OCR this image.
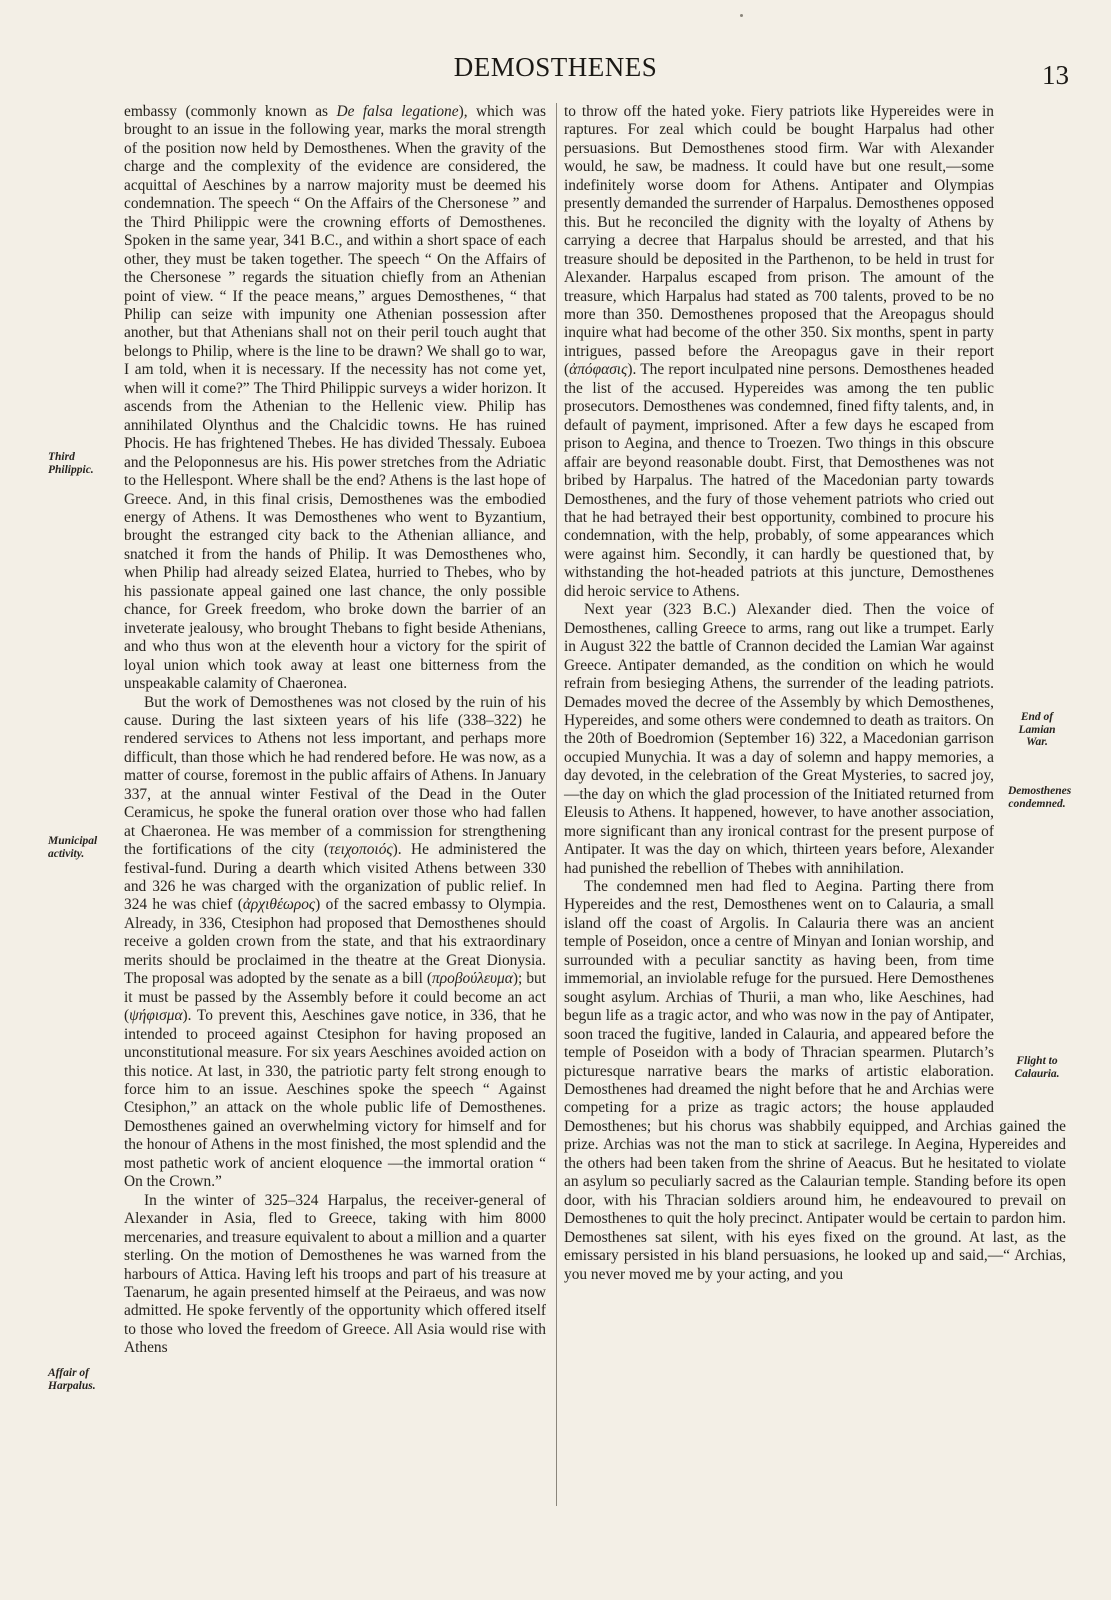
DEMOSTHENES	13
Third Philippic.
Municipal activity.
Affair of Harpalus.

embassy (commonly known as De falsa legatione), which was brought to an issue in the following year, marks the moral strength of the position now held by Demosthenes. When the gravity of the charge and the complexity of the evidence are considered, the acquittal of Aeschines by a narrow majority must be deemed his condemnation. The speech “ On the Affairs of the Chersonese ” and the Third Philippic were the crowning efforts of Demosthenes. Spoken in the same year, 341 B.C., and within a short space of each other, they must be taken together. The speech “ On the Affairs of the Chersonese ” regards the situation chiefly from an Athenian point of view. “ If the peace means,” argues Demosthenes, “ that Philip can seize with impunity one Athenian possession after another, but that Athenians shall not on their peril touch aught that belongs to Philip, where is the line to be drawn? We shall go to war, I am told, when it is necessary. If the necessity has not come yet, when will it come?” The Third Philippic surveys a wider horizon. It ascends from the Athenian to the Hellenic view. Philip has annihilated Olynthus and the Chalcidic towns. He has ruined Phocis. He has frightened Thebes. He has divided Thessaly. Euboea and the Peloponnesus are his. His power stretches from the Adriatic to the Hellespont. Where shall be the end? Athens is the last hope of Greece. And, in this final crisis, Demosthenes was the embodied energy of Athens. It was Demosthenes who went to Byzantium, brought the estranged city back to the Athenian alliance, and snatched it from the hands of Philip. It was Demosthenes who, when Philip had already seized Elatea, hurried to Thebes, who by his passionate appeal gained one last chance, the only possible chance, for Greek freedom, who broke down the barrier of an inveterate jealousy, who brought Thebans to fight beside Athenians, and who thus won at the eleventh hour a victory for the spirit of loyal union which took away at least one bitterness from the unspeakable calamity of Chaeronea.

But the work of Demosthenes was not closed by the ruin of his cause. During the last sixteen years of his life (338–322) he rendered services to Athens not less important, and perhaps more difficult, than those which he had rendered before. He was now, as a matter of course, foremost in the public affairs of Athens. In January 337, at the annual winter Festival of the Dead in the Outer Ceramicus, he spoke the funeral oration over those who had fallen at Chaeronea. He was member of a commission for strengthening the fortifications of the city (τειχοποιός). He administered the festival-fund. During a dearth which visited Athens between 330 and 326 he was charged with the organization of public relief. In 324 he was chief (ἀρχιθέωρος) of the sacred embassy to Olympia. Already, in 336, Ctesiphon had proposed that Demosthenes should receive a golden crown from the state, and that his extraordinary merits should be proclaimed in the theatre at the Great Dionysia. The proposal was adopted by the senate as a bill (προβούλευμα); but it must be passed by the Assembly before it could become an act (ψήφισμα). To prevent this, Aeschines gave notice, in 336, that he intended to proceed against Ctesiphon for having proposed an unconstitutional measure. For six years Aeschines avoided action on this notice. At last, in 330, the patriotic party felt strong enough to force him to an issue. Aeschines spoke the speech “ Against Ctesiphon,” an attack on the whole public life of Demosthenes. Demosthenes gained an overwhelming victory for himself and for the honour of Athens in the most finished, the most splendid and the most pathetic work of ancient eloquence —the immortal oration “ On the Crown.”

In the winter of 325–324 Harpalus, the receiver-general of Alexander in Asia, fled to Greece, taking with him 8000 mercenaries, and treasure equivalent to about a million and a quarter sterling. On the motion of Demosthenes he was warned from the harbours of Attica. Having left his troops and part of his treasure at Taenarum, he again presented himself at the Peiraeus, and was now admitted. He spoke fervently of the opportunity which offered itself to those who loved the freedom of Greece. All Asia would rise with Athens

End of Lamian War.
Demosthenes condemned.
Flight to Calauria.

to throw off the hated yoke. Fiery patriots like Hypereides were in raptures. For zeal which could be bought Harpalus had other persuasions. But Demosthenes stood firm. War with Alexander would, he saw, be madness. It could have but one result,—some indefinitely worse doom for Athens. Antipater and Olympias presently demanded the surrender of Harpalus. Demosthenes opposed this. But he reconciled the dignity with the loyalty of Athens by carrying a decree that Harpalus should be arrested, and that his treasure should be deposited in the Parthenon, to be held in trust for Alexander. Harpalus escaped from prison. The amount of the treasure, which Harpalus had stated as 700 talents, proved to be no more than 350. Demosthenes proposed that the Areopagus should inquire what had become of the other 350. Six months, spent in party intrigues, passed before the Areopagus gave in their report (ἀπόφασις). The report inculpated nine persons. Demosthenes headed the list of the accused. Hypereides was among the ten public prosecutors. Demosthenes was condemned, fined fifty talents, and, in default of payment, imprisoned. After a few days he escaped from prison to Aegina, and thence to Troezen. Two things in this obscure affair are beyond reasonable doubt. First, that Demosthenes was not bribed by Harpalus. The hatred of the Macedonian party towards Demosthenes, and the fury of those vehement patriots who cried out that he had betrayed their best opportunity, combined to procure his condemnation, with the help, probably, of some appearances which were against him. Secondly, it can hardly be questioned that, by withstanding the hot-headed patriots at this juncture, Demosthenes did heroic service to Athens.

Next year (323 B.C.) Alexander died. Then the voice of Demosthenes, calling Greece to arms, rang out like a trumpet. Early in August 322 the battle of Crannon decided the Lamian War against Greece. Antipater demanded, as the condition on which he would refrain from besieging Athens, the surrender of the leading patriots. Demades moved the decree of the Assembly by which Demosthenes, Hypereides, and some others were condemned to death as traitors. On the 20th of Boedromion (September 16) 322, a Macedonian garrison occupied Munychia. It was a day of solemn and happy memories, a day devoted, in the celebration of the Great Mysteries, to sacred joy,—the day on which the glad procession of the Initiated returned from Eleusis to Athens. It happened, however, to have another association, more significant than any ironical contrast for the present purpose of Antipater. It was the day on which, thirteen years before, Alexander had punished the rebellion of Thebes with annihilation.

The condemned men had fled to Aegina. Parting there from Hypereides and the rest, Demosthenes went on to Calauria, a small island off the coast of Argolis. In Calauria there was an ancient temple of Poseidon, once a centre of Minyan and Ionian worship, and surrounded with a peculiar sanctity as having been, from time immemorial, an inviolable refuge for the pursued. Here Demosthenes sought asylum. Archias of Thurii, a man who, like Aeschines, had begun life as a tragic actor, and who was now in the pay of Antipater, soon traced the fugitive, landed in Calauria, and appeared before the temple of Poseidon with a body of Thracian spearmen. Plutarch’s picturesque narrative bears the marks of artistic elaboration. Demosthenes had dreamed the night before that he and Archias were competing for a prize as tragic actors; the house applauded Demosthenes; but his chorus was shabbily equipped, and Archias gained the prize. Archias was not the man to stick at sacrilege. In Aegina, Hypereides and the others had been taken from the shrine of Aeacus. But he hesitated to violate an asylum so peculiarly sacred as the Calaurian temple. Standing before its open door, with his Thracian soldiers around him, he endeavoured to prevail on Demosthenes to quit the holy precinct. Antipater would be certain to pardon him. Demosthenes sat silent, with his eyes fixed on the ground. At last, as the emissary persisted in his bland persuasions, he looked up and said,—“ Archias, you never moved me by your acting, and you
